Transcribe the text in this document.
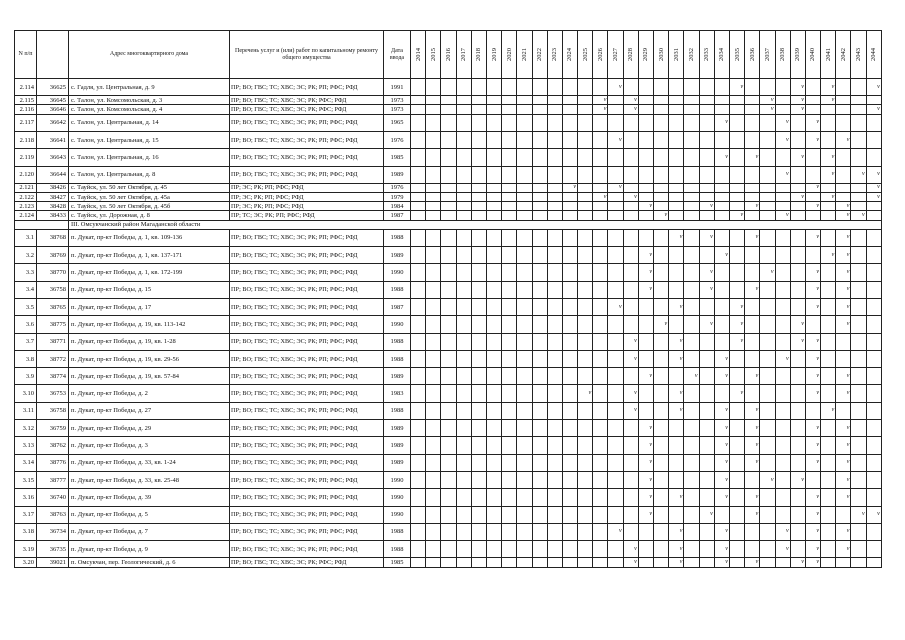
N п/п		Адрес многоквартирного дома	Перечень услуг и (или) работ по капитальному ремонту общего имущества	Дата ввода	2014	2015	2016	2017	2018	2019	2020	2021	2022	2023	2024	2025	2026	2027	2028	2029	2030	2031	2032	2033	2034	2035	2036	2037	2038	2039	2040	2041	2042	2043	2044
2.114	36625	с. Гадля, ул. Центральная, д. 9	ПР; ВО; ГВС; ТС; ХВС; ЭС; РК; РП; РФС; РФД	1991														v								v				v		v			v
2.115	36645	с. Талон, ул. Комсомольская, д. 3	ПР; ВО; ГВС; ТС; ХВС; ЭС; РК; РФС; РФД	1973													v		v									v		v		v			
2.116	36646	с. Талон, ул. Комсомольская, д. 4	ПР; ВО; ГВС; ТС; ХВС; ЭС; РК; РФС; РФД	1973													v		v									v		v					v
2.117	36642	с. Талон, ул. Центральная, д. 14	ПР; ВО; ГВС; ТС; ХВС; ЭС; РК; РП; РФС; РФД	1965																					v				v		v				
2.118	36641	с. Талон, ул. Центральная, д. 15	ПР; ВО; ГВС; ТС; ХВС; ЭС; РК; РП; РФС; РФД	1976														v											v		v		v		
2.119	36643	с. Талон, ул. Центральная, д. 16	ПР; ВО; ГВС; ТС; ХВС; ЭС; РК; РП; РФС; РФД	1985																					v		v			v		v			
2.120	36644	с. Талон, ул. Центральная, д. 8	ПР; ВО; ГВС; ТС; ХВС; ЭС; РК; РП; РФС; РФД	1989																									v			v		v	v
2.121	38426	с. Тауйск, ул. 50 лет Октября, д. 45	ПР; ЭС; РК; РП; РФС; РФД	1976											v			v													v				v
2.122	38427	с. Тауйск, ул. 50 лет Октября, д. 45а	ПР; ЭС; РК; РП; РФС; РФД	1979													v		v											v		v			v
2.123	38428	с. Тауйск, ул. 50 лет Октября, д. 45б	ПР; ЭС; РК; РП; РФС; РФД	1984																v				v			v				v		v		
2.124	38433	с. Тауйск, ул. Дорожная, д. 8	ПР; ТС; ЭС; РК; РП; РФС; РФД	1987																	v					v			v				v	v	
		III. Омсукчанский район Магаданской области																																	
3.1	38768	п. Дукат, пр-кт Победы, д. 1, кв. 109-136	ПР; ВО; ГВС; ТС; ХВС; ЭС; РК; РП; РФС; РФД	1988																		v		v			v				v		v		
3.2	38769	п. Дукат, пр-кт Победы, д. 1, кв. 137-171	ПР; ВО; ГВС; ТС; ХВС; ЭС; РК; РП; РФС; РФД	1989																v					v							v	v		
3.3	38770	п. Дукат, пр-кт Победы, д. 1, кв. 172-199	ПР; ВО; ГВС; ТС; ХВС; ЭС; РК; РП; РФС; РФД	1990																v				v				v			v		v		
3.4	36758	п. Дукат, пр-кт Победы, д. 15	ПР; ВО; ГВС; ТС; ХВС; ЭС; РК; РП; РФС; РФД	1988																v				v			v				v		v		
3.5	38765	п. Дукат, пр-кт Победы, д. 17	ПР; ВО; ГВС; ТС; ХВС; ЭС; РК; РП; РФС; РФД	1987														v				v				v					v		v		
3.6	38775	п. Дукат, пр-кт Победы, д. 19, кв. 113-142	ПР; ВО; ГВС; ТС; ХВС; ЭС; РК; РП; РФС; РФД	1990																	v			v		v				v			v		
3.7	38771	п. Дукат, пр-кт Победы, д. 19, кв. 1-28	ПР; ВО; ГВС; ТС; ХВС; ЭС; РК; РП; РФС; РФД	1988															v			v				v				v	v				
3.8	38772	п. Дукат, пр-кт Победы, д. 19, кв. 29-56	ПР; ВО; ГВС; ТС; ХВС; ЭС; РК; РП; РФС; РФД	1988															v			v			v				v		v				
3.9	38774	п. Дукат, пр-кт Победы, д. 19, кв. 57-84	ПР; ВО; ГВС; ТС; ХВС; ЭС; РК; РП; РФС; РФД	1989																v			v		v		v				v		v		
3.10	36753	п. Дукат, пр-кт Победы, д. 2	ПР; ВО; ГВС; ТС; ХВС; ЭС; РК; РП; РФС; РФД	1983												v			v			v				v					v		v		
3.11	36758	п. Дукат, пр-кт Победы, д. 27	ПР; ВО; ГВС; ТС; ХВС; ЭС; РК; РП; РФС; РФД	1988															v			v			v		v					v			
3.12	36759	п. Дукат, пр-кт Победы, д. 29	ПР; ВО; ГВС; ТС; ХВС; ЭС; РК; РП; РФС; РФД	1989																v					v		v				v		v		
3.13	38762	п. Дукат, пр-кт Победы, д. 3	ПР; ВО; ГВС; ТС; ХВС; ЭС; РК; РП; РФС; РФД	1989																v					v		v				v		v		
3.14	38776	п. Дукат, пр-кт Победы, д. 33, кв. 1-24	ПР; ВО; ГВС; ТС; ХВС; ЭС; РК; РП; РФС; РФД	1989																v					v		v				v		v		
3.15	38777	п. Дукат, пр-кт Победы, д. 33, кв. 25-48	ПР; ВО; ГВС; ТС; ХВС; ЭС; РК; РП; РФС; РФД	1990																v					v			v		v			v		
3.16	36740	п. Дукат, пр-кт Победы, д. 39	ПР; ВО; ГВС; ТС; ХВС; ЭС; РК; РП; РФС; РФД	1990																v		v			v		v				v		v		
3.17	38763	п. Дукат, пр-кт Победы, д. 5	ПР; ВО; ГВС; ТС; ХВС; ЭС; РК; РП; РФС; РФД	1990																v				v			v				v			v	v
3.18	36734	п. Дукат, пр-кт Победы, д. 7	ПР; ВО; ГВС; ТС; ХВС; ЭС; РК; РП; РФС; РФД	1988														v				v			v				v		v		v		
3.19	36735	п. Дукат, пр-кт Победы, д. 9	ПР; ВО; ГВС; ТС; ХВС; ЭС; РК; РП; РФС; РФД	1988															v			v			v				v		v		v		
3.20	39021	п. Омсукчан, пер. Геологический, д. 6	ПР; ВО; ГВС; ТС; ХВС; ЭС; РК; РФС; РФД	1985															v			v			v		v			v	v				
